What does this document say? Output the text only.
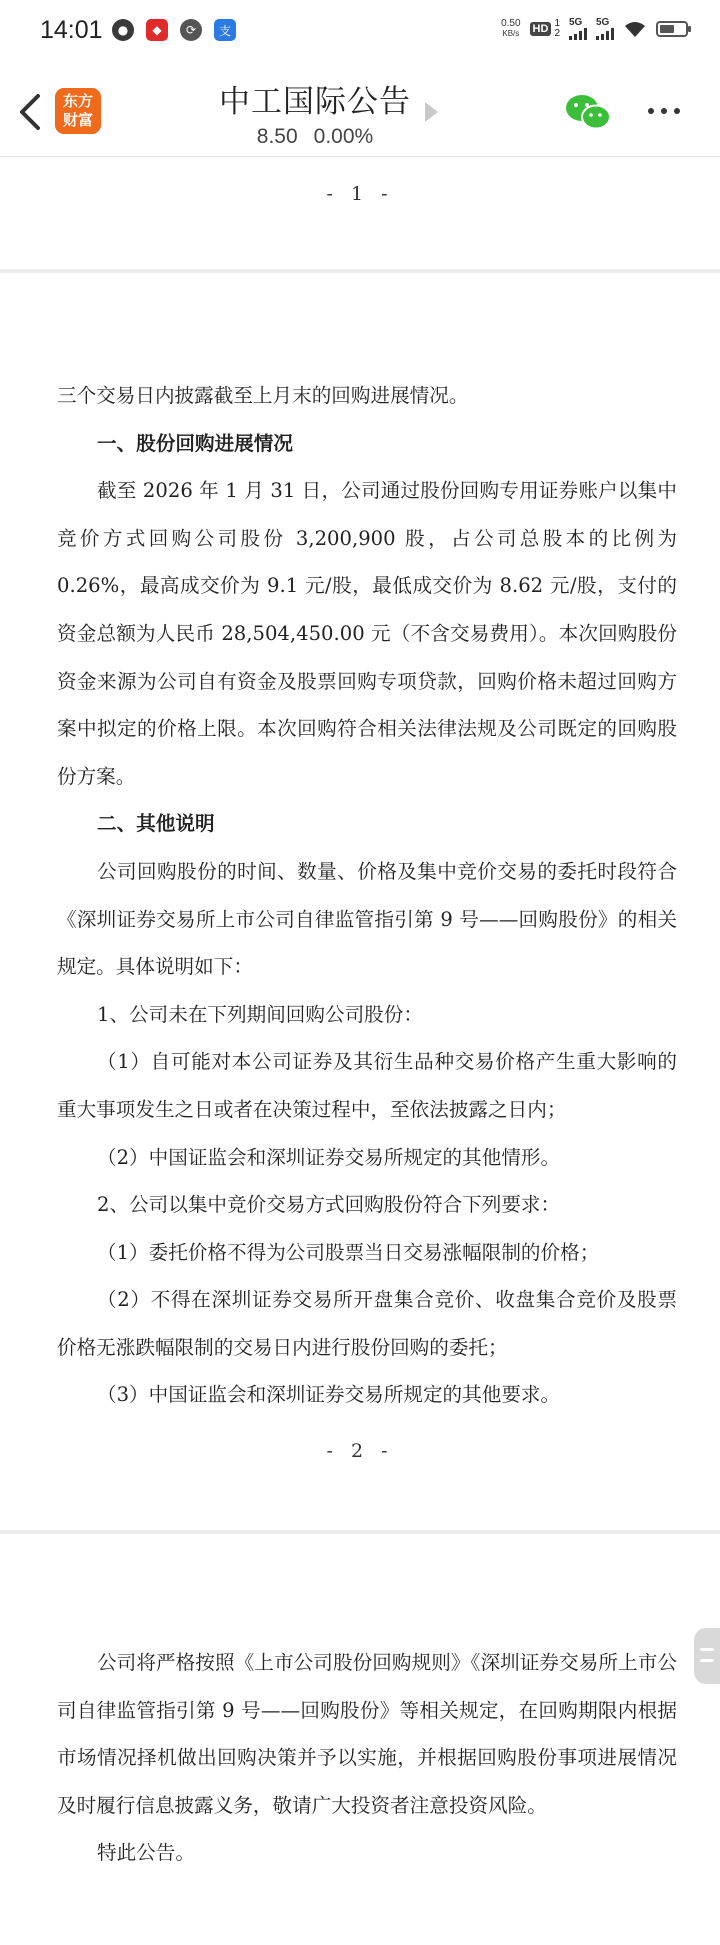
14:01	●	◆	⟳	支	0.50
KB/s HD 1
2
5G 5G
东方
财富	中工国际公告
8.50 0.00%
- 1 -

三个交易日内披露截至上月末的回购进展情况。

一、股份回购进展情况

截至 2026 年 1 月 31 日，公司通过股份回购专用证券账户以集中竞价方式回购公司股份 3,200,900 股，占公司总股本的比例为 0.26%，最高成交价为 9.1 元/股，最低成交价为 8.62 元/股，支付的资金总额为人民币 28,504,450.00 元（不含交易费用）。本次回购股份资金来源为公司自有资金及股票回购专项贷款，回购价格未超过回购方案中拟定的价格上限。本次回购符合相关法律法规及公司既定的回购股份方案。

二、其他说明

公司回购股份的时间、数量、价格及集中竞价交易的委托时段符合《深圳证券交易所上市公司自律监管指引第 9 号——回购股份》的相关规定。具体说明如下：

1、公司未在下列期间回购公司股份：

（1）自可能对本公司证券及其衍生品种交易价格产生重大影响的重大事项发生之日或者在决策过程中，至依法披露之日内；

（2）中国证监会和深圳证券交易所规定的其他情形。

2、公司以集中竞价交易方式回购股份符合下列要求：

（1）委托价格不得为公司股票当日交易涨幅限制的价格；

（2）不得在深圳证券交易所开盘集合竞价、收盘集合竞价及股票价格无涨跌幅限制的交易日内进行股份回购的委托；

（3）中国证监会和深圳证券交易所规定的其他要求。

- 2 -

公司将严格按照《上市公司股份回购规则》《深圳证券交易所上市公司自律监管指引第 9 号——回购股份》等相关规定，在回购期限内根据市场情况择机做出回购决策并予以实施，并根据回购股份事项进展情况及时履行信息披露义务，敬请广大投资者注意投资风险。

特此公告。
